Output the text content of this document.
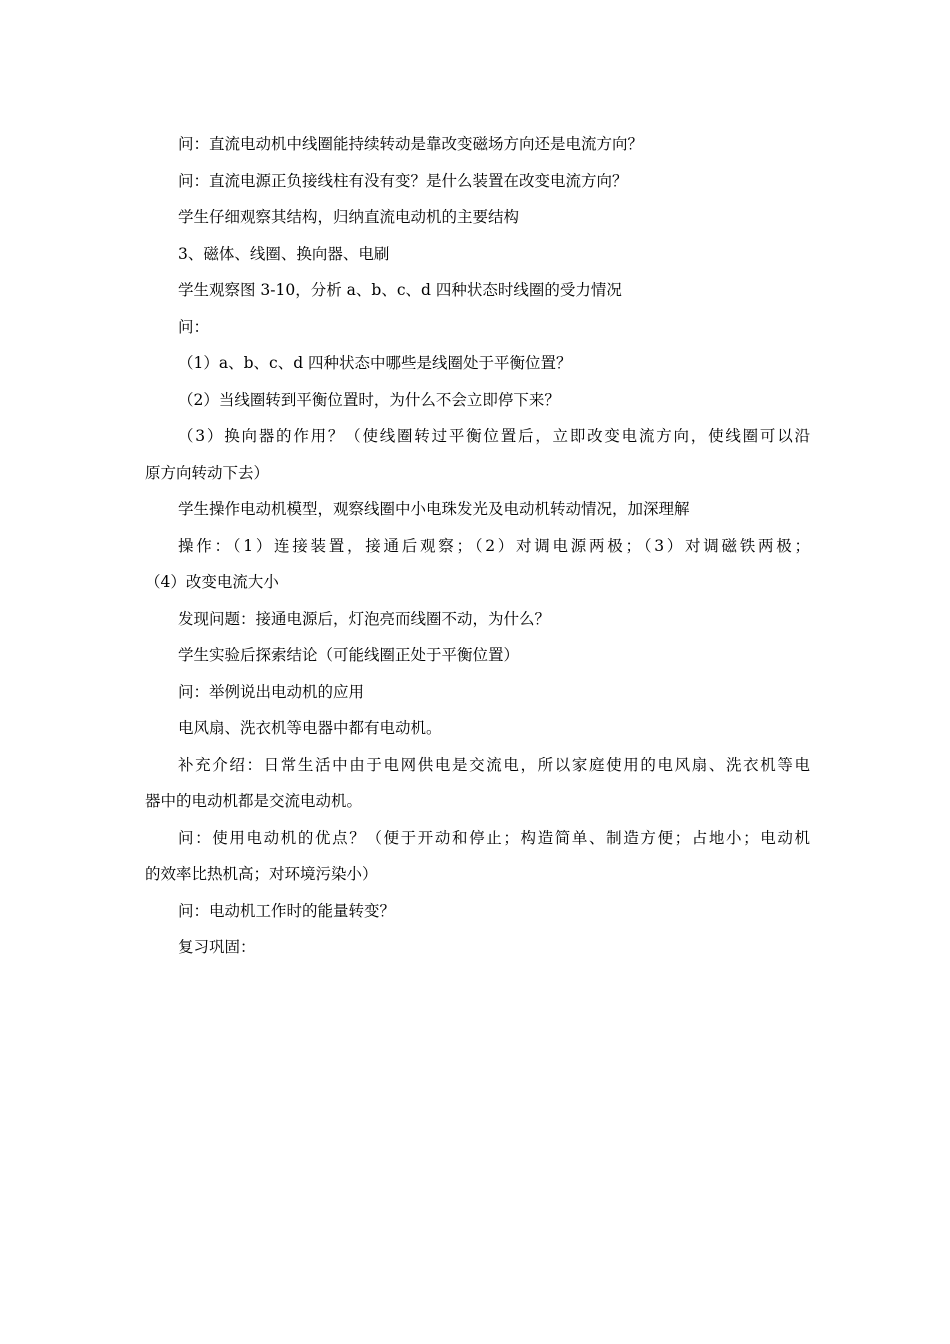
问：直流电动机中线圈能持续转动是靠改变磁场方向还是电流方向？
问：直流电源正负接线柱有没有变？是什么装置在改变电流方向？
学生仔细观察其结构，归纳直流电动机的主要结构
3、磁体、线圈、换向器、电刷
学生观察图 3-10，分析 a、b、c、d 四种状态时线圈的受力情况
问：
（1）a、b、c、d 四种状态中哪些是线圈处于平衡位置？
（2）当线圈转到平衡位置时，为什么不会立即停下来？
（3）换向器的作用？（使线圈转过平衡位置后，立即改变电流方向，使线圈可以沿
原方向转动下去）
学生操作电动机模型，观察线圈中小电珠发光及电动机转动情况，加深理解
操作：（1）连接装置，接通后观察；（2）对调电源两极；（3）对调磁铁两极；
（4）改变电流大小
发现问题：接通电源后，灯泡亮而线圈不动，为什么？
学生实验后探索结论（可能线圈正处于平衡位置）
问：举例说出电动机的应用
电风扇、洗衣机等电器中都有电动机。
补充介绍：日常生活中由于电网供电是交流电，所以家庭使用的电风扇、洗衣机等电
器中的电动机都是交流电动机。
问：使用电动机的优点？（便于开动和停止；构造简单、制造方便；占地小；电动机
的效率比热机高；对环境污染小）
问：电动机工作时的能量转变？
复习巩固：
